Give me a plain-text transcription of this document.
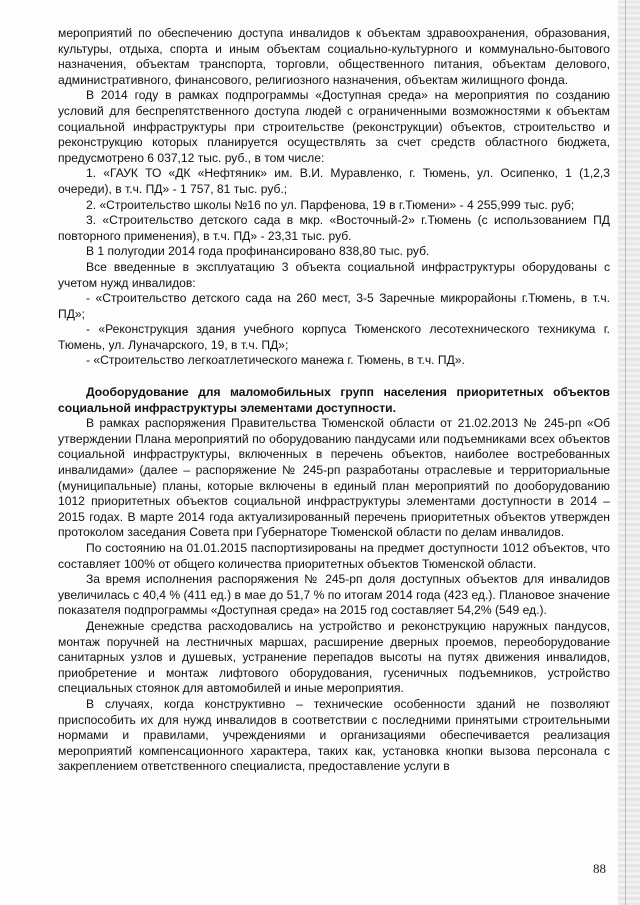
мероприятий по обеспечению доступа инвалидов к объектам здравоохранения, образования, культуры, отдыха, спорта и иным объектам социально-культурного и коммунально-бытового назначения, объектам транспорта, торговли, общественного питания, объектам делового, административного, финансового, религиозного назначения, объектам жилищного фонда.

В 2014 году в рамках подпрограммы «Доступная среда» на мероприятия по созданию условий для беспрепятственного доступа людей с ограниченными возможностями к объектам социальной инфраструктуры при строительстве (реконструкции) объектов, строительство и реконструкцию которых планируется осуществлять за счет средств областного бюджета, предусмотрено 6 037,12 тыс. руб., в том числе:

1. «ГАУК ТО «ДК «Нефтяник» им. В.И. Муравленко, г. Тюмень, ул. Осипенко, 1 (1,2,3 очереди), в т.ч. ПД» - 1 757, 81 тыс. руб.;

2. «Строительство школы №16 по ул. Парфенова, 19 в г.Тюмени» - 4 255,999 тыс. руб;

3. «Строительство детского сада в мкр. «Восточный-2» г.Тюмень (с использованием ПД повторного применения), в т.ч. ПД» - 23,31 тыс. руб.

В 1 полугодии 2014 года профинансировано 838,80 тыс. руб.

Все введенные в эксплуатацию 3 объекта социальной инфраструктуры оборудованы с учетом нужд инвалидов:

- «Строительство детского сада на 260 мест, 3-5 Заречные микрорайоны г.Тюмень, в т.ч. ПД»;

- «Реконструкция здания учебного корпуса Тюменского лесотехнического техникума г. Тюмень, ул. Луначарского, 19, в т.ч. ПД»;

- «Строительство легкоатлетического манежа г. Тюмень, в т.ч. ПД».

Дооборудование для маломобильных групп населения приоритетных объектов социальной инфраструктуры элементами доступности.

В рамках распоряжения Правительства Тюменской области от 21.02.2013 № 245-рп «Об утверждении Плана мероприятий по оборудованию пандусами или подъемниками всех объектов социальной инфраструктуры, включенных в перечень объектов, наиболее востребованных инвалидами» (далее – распоряжение № 245-рп разработаны отраслевые и территориальные (муниципальные) планы, которые включены в единый план мероприятий по дооборудованию 1012 приоритетных объектов социальной инфраструктуры элементами доступности в 2014 – 2015 годах. В марте 2014 года актуализированный перечень приоритетных объектов утвержден протоколом заседания Совета при Губернаторе Тюменской области по делам инвалидов.

По состоянию на 01.01.2015 паспортизированы на предмет доступности 1012 объектов, что составляет 100% от общего количества приоритетных объектов Тюменской области.

За время исполнения распоряжения № 245-рп доля доступных объектов для инвалидов увеличилась с 40,4 % (411 ед.) в мае до 51,7 % по итогам 2014 года (423 ед.). Плановое значение показателя подпрограммы «Доступная среда» на 2015 год составляет 54,2% (549 ед.).

Денежные средства расходовались на устройство и реконструкцию наружных пандусов, монтаж поручней на лестничных маршах, расширение дверных проемов, переоборудование санитарных узлов и душевых, устранение перепадов высоты на путях движения инвалидов, приобретение и монтаж лифтового оборудования, гусеничных подъемников, устройство специальных стоянок для автомобилей и иные мероприятия.

В случаях, когда конструктивно – технические особенности зданий не позволяют приспособить их для нужд инвалидов в соответствии с последними принятыми строительными нормами и правилами, учреждениями и организациями обеспечивается реализация мероприятий компенсационного характера, таких как, установка кнопки вызова персонала с закреплением ответственного специалиста, предоставление услуги в

88
